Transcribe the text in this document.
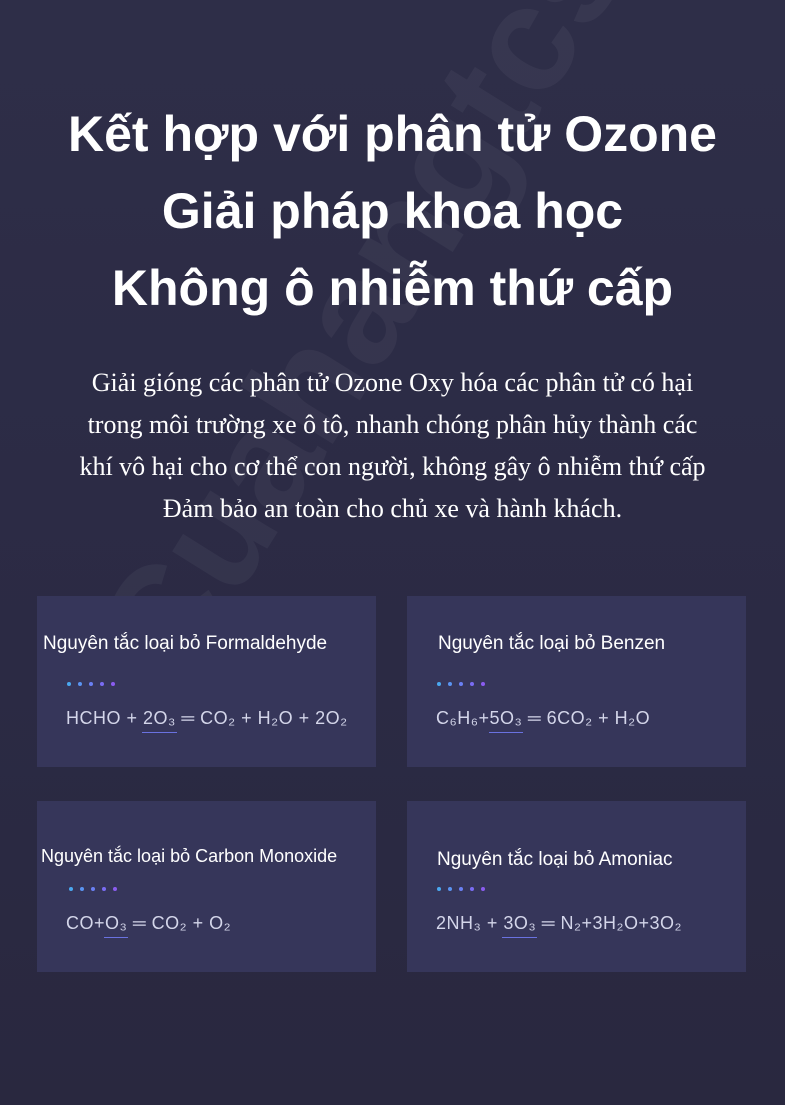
Kết hợp với phân tử Ozone
Giải pháp khoa học
Không ô nhiễm thứ cấp
Giải gióng các phân tử Ozone Oxy hóa các phân tử có hại
trong môi trường xe ô tô, nhanh chóng phân hủy thành các
khí vô hại cho cơ thể con người, không gây ô nhiễm thứ cấp
Đảm bảo an toàn cho chủ xe và hành khách.
Nguyên tắc loại bỏ Formaldehyde
HCHO + 2O₃ ═ CO₂ + H₂O + 2O₂
Nguyên tắc loại bỏ Benzen
C₆H₆+5O₃ ═ 6CO₂ + H₂O
Nguyên tắc loại bỏ Carbon Monoxide
CO+O₃ ═ CO₂ + O₂
Nguyên tắc loại bỏ Amoniac
2NH₃ + 3O₃ ═ N₂+3H₂O+3O₂
